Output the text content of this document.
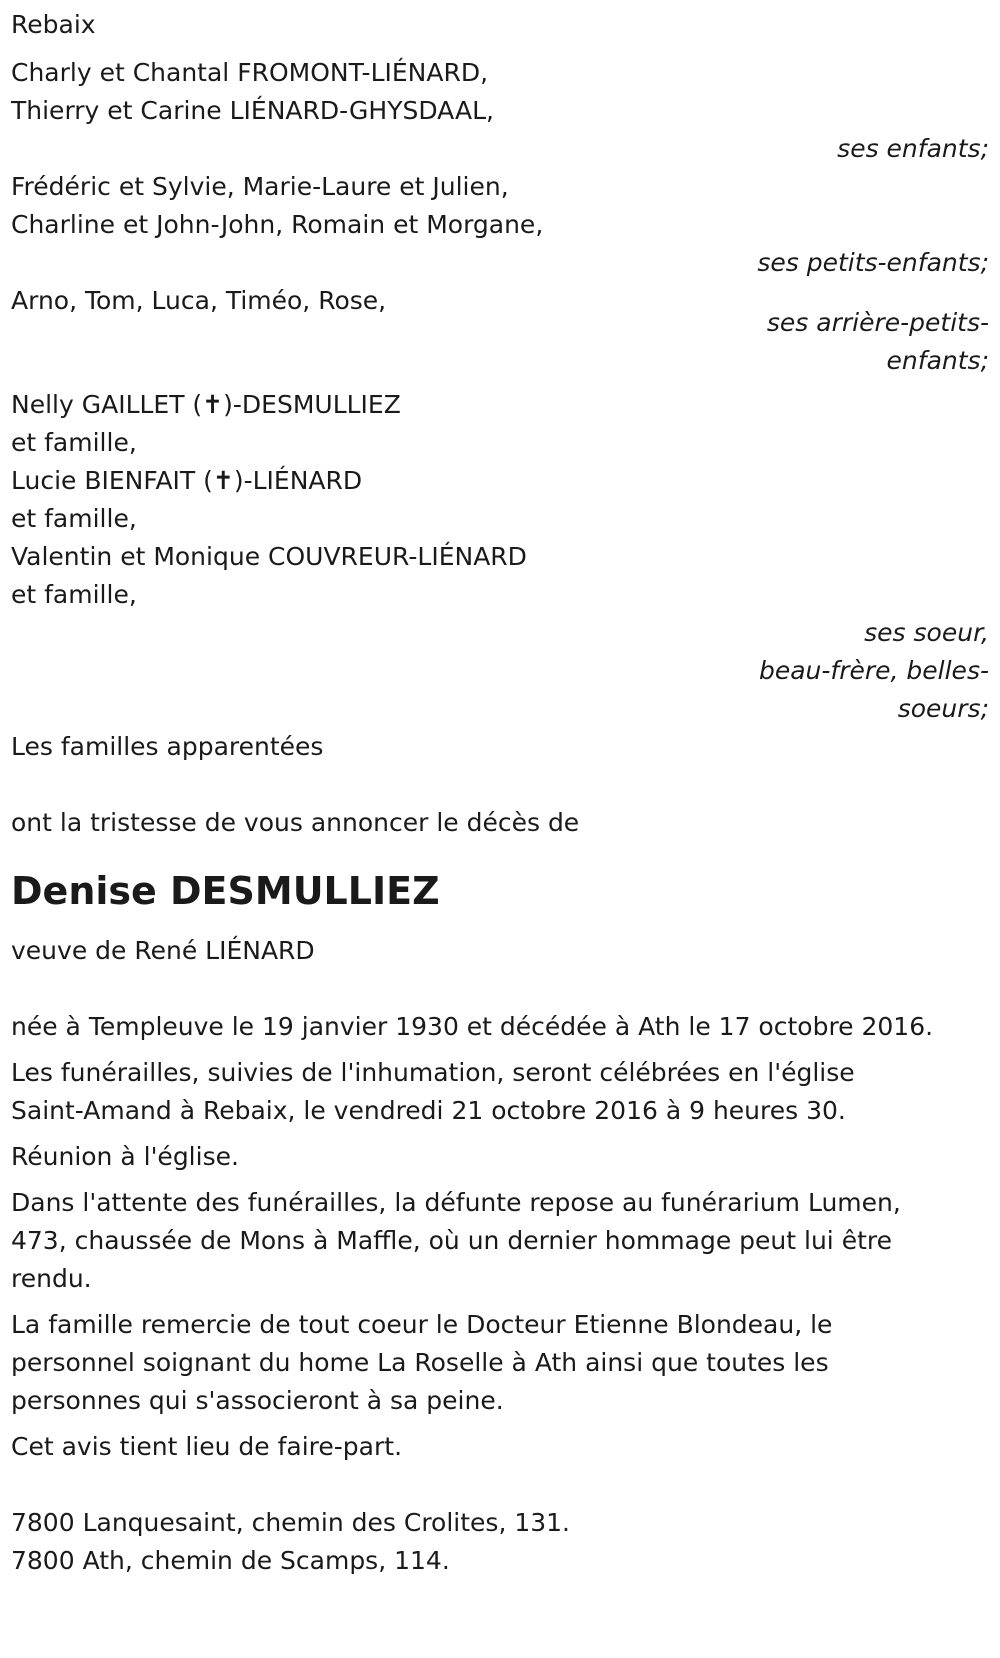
Rebaix
Charly et Chantal FROMONT-LIÉNARD,
Thierry et Carine LIÉNARD-GHYSDAAL,
ses enfants;
Frédéric et Sylvie, Marie-Laure et Julien,
Charline et John-John, Romain et Morgane,
ses petits-enfants;
Arno, Tom, Luca, Timéo, Rose,
ses arrière-petits-
enfants;
Nelly GAILLET (✝)-DESMULLIEZ
et famille,
Lucie BIENFAIT (✝)-LIÉNARD
et famille,
Valentin et Monique COUVREUR-LIÉNARD
et famille,
ses soeur,
beau-frère, belles-
soeurs;
Les familles apparentées
ont la tristesse de vous annoncer le décès de
Denise DESMULLIEZ
veuve de René LIÉNARD
née à Templeuve le 19 janvier 1930 et décédée à Ath le 17 octobre 2016.
Les funérailles, suivies de l'inhumation, seront célébrées en l'église
Saint-Amand à Rebaix, le vendredi 21 octobre 2016 à 9 heures 30.
Réunion à l'église.
Dans l'attente des funérailles, la défunte repose au funérarium Lumen,
473, chaussée de Mons à Maffle, où un dernier hommage peut lui être
rendu.
La famille remercie de tout coeur le Docteur Etienne Blondeau, le
personnel soignant du home La Roselle à Ath ainsi que toutes les
personnes qui s'associeront à sa peine.
Cet avis tient lieu de faire-part.
7800 Lanquesaint, chemin des Crolites, 131.
7800 Ath, chemin de Scamps, 114.
